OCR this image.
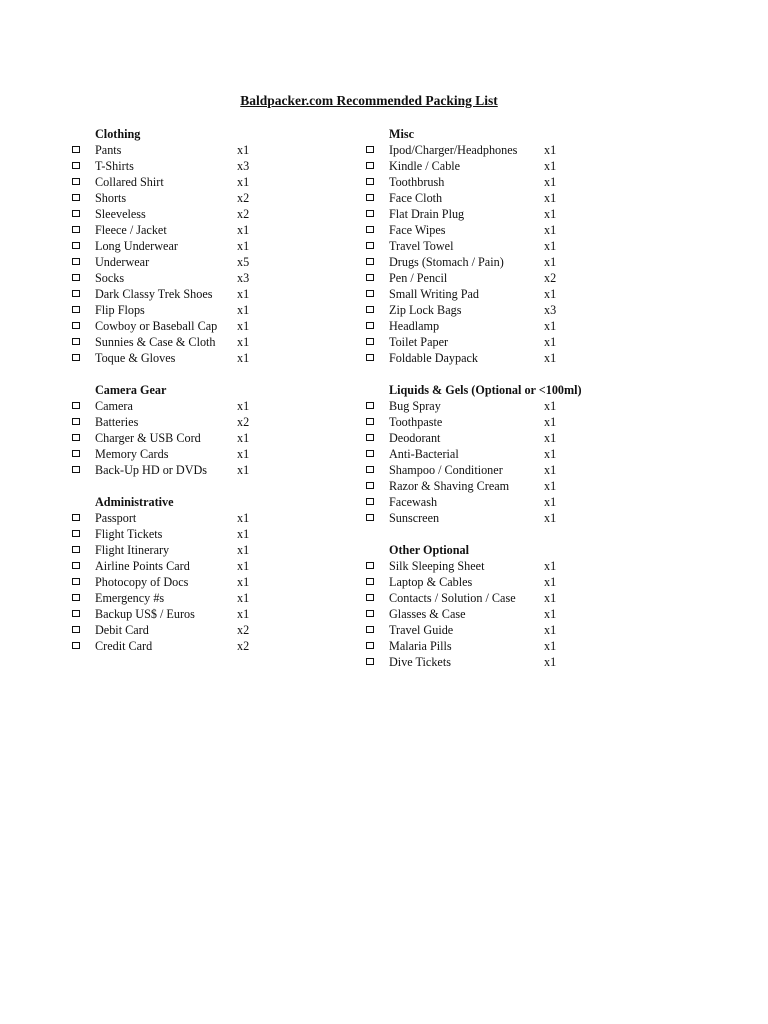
Baldpacker.com Recommended Packing List
Clothing
Pants	x1
T-Shirts	x3
Collared Shirt	x1
Shorts	x2
Sleeveless	x2
Fleece / Jacket	x1
Long Underwear	x1
Underwear	x5
Socks	x3
Dark Classy Trek Shoes x1
Flip Flops	x1
Cowboy or Baseball Cap x1
Sunnies & Case & Cloth x1
Toque & Gloves	x1
Camera Gear
Camera	x1
Batteries	x2
Charger & USB Cord	x1
Memory Cards	x1
Back-Up HD or DVDs x1
Administrative
Passport	x1
Flight Tickets	x1
Flight Itinerary	x1
Airline Points Card	x1
Photocopy of Docs	x1
Emergency #s	x1
Backup US$ / Euros	x1
Debit Card	x2
Credit Card	x2
Misc
Ipod/Charger/Headphones x1
Kindle / Cable	x1
Toothbrush	x1
Face Cloth	x1
Flat Drain Plug	x1
Face Wipes	x1
Travel Towel	x1
Drugs (Stomach / Pain)	x1
Pen / Pencil	x2
Small Writing Pad	x1
Zip Lock Bags	x3
Headlamp	x1
Toilet Paper	x1
Foldable Daypack	x1
Liquids & Gels (Optional or <100ml)
Bug Spray	x1
Toothpaste	x1
Deodorant	x1
Anti-Bacterial	x1
Shampoo / Conditioner	x1
Razor & Shaving Cream	x1
Facewash	x1
Sunscreen	x1
Other Optional
Silk Sleeping Sheet	x1
Laptop & Cables	x1
Contacts / Solution / Case x1
Glasses & Case	x1
Travel Guide	x1
Malaria Pills	x1
Dive Tickets	x1
